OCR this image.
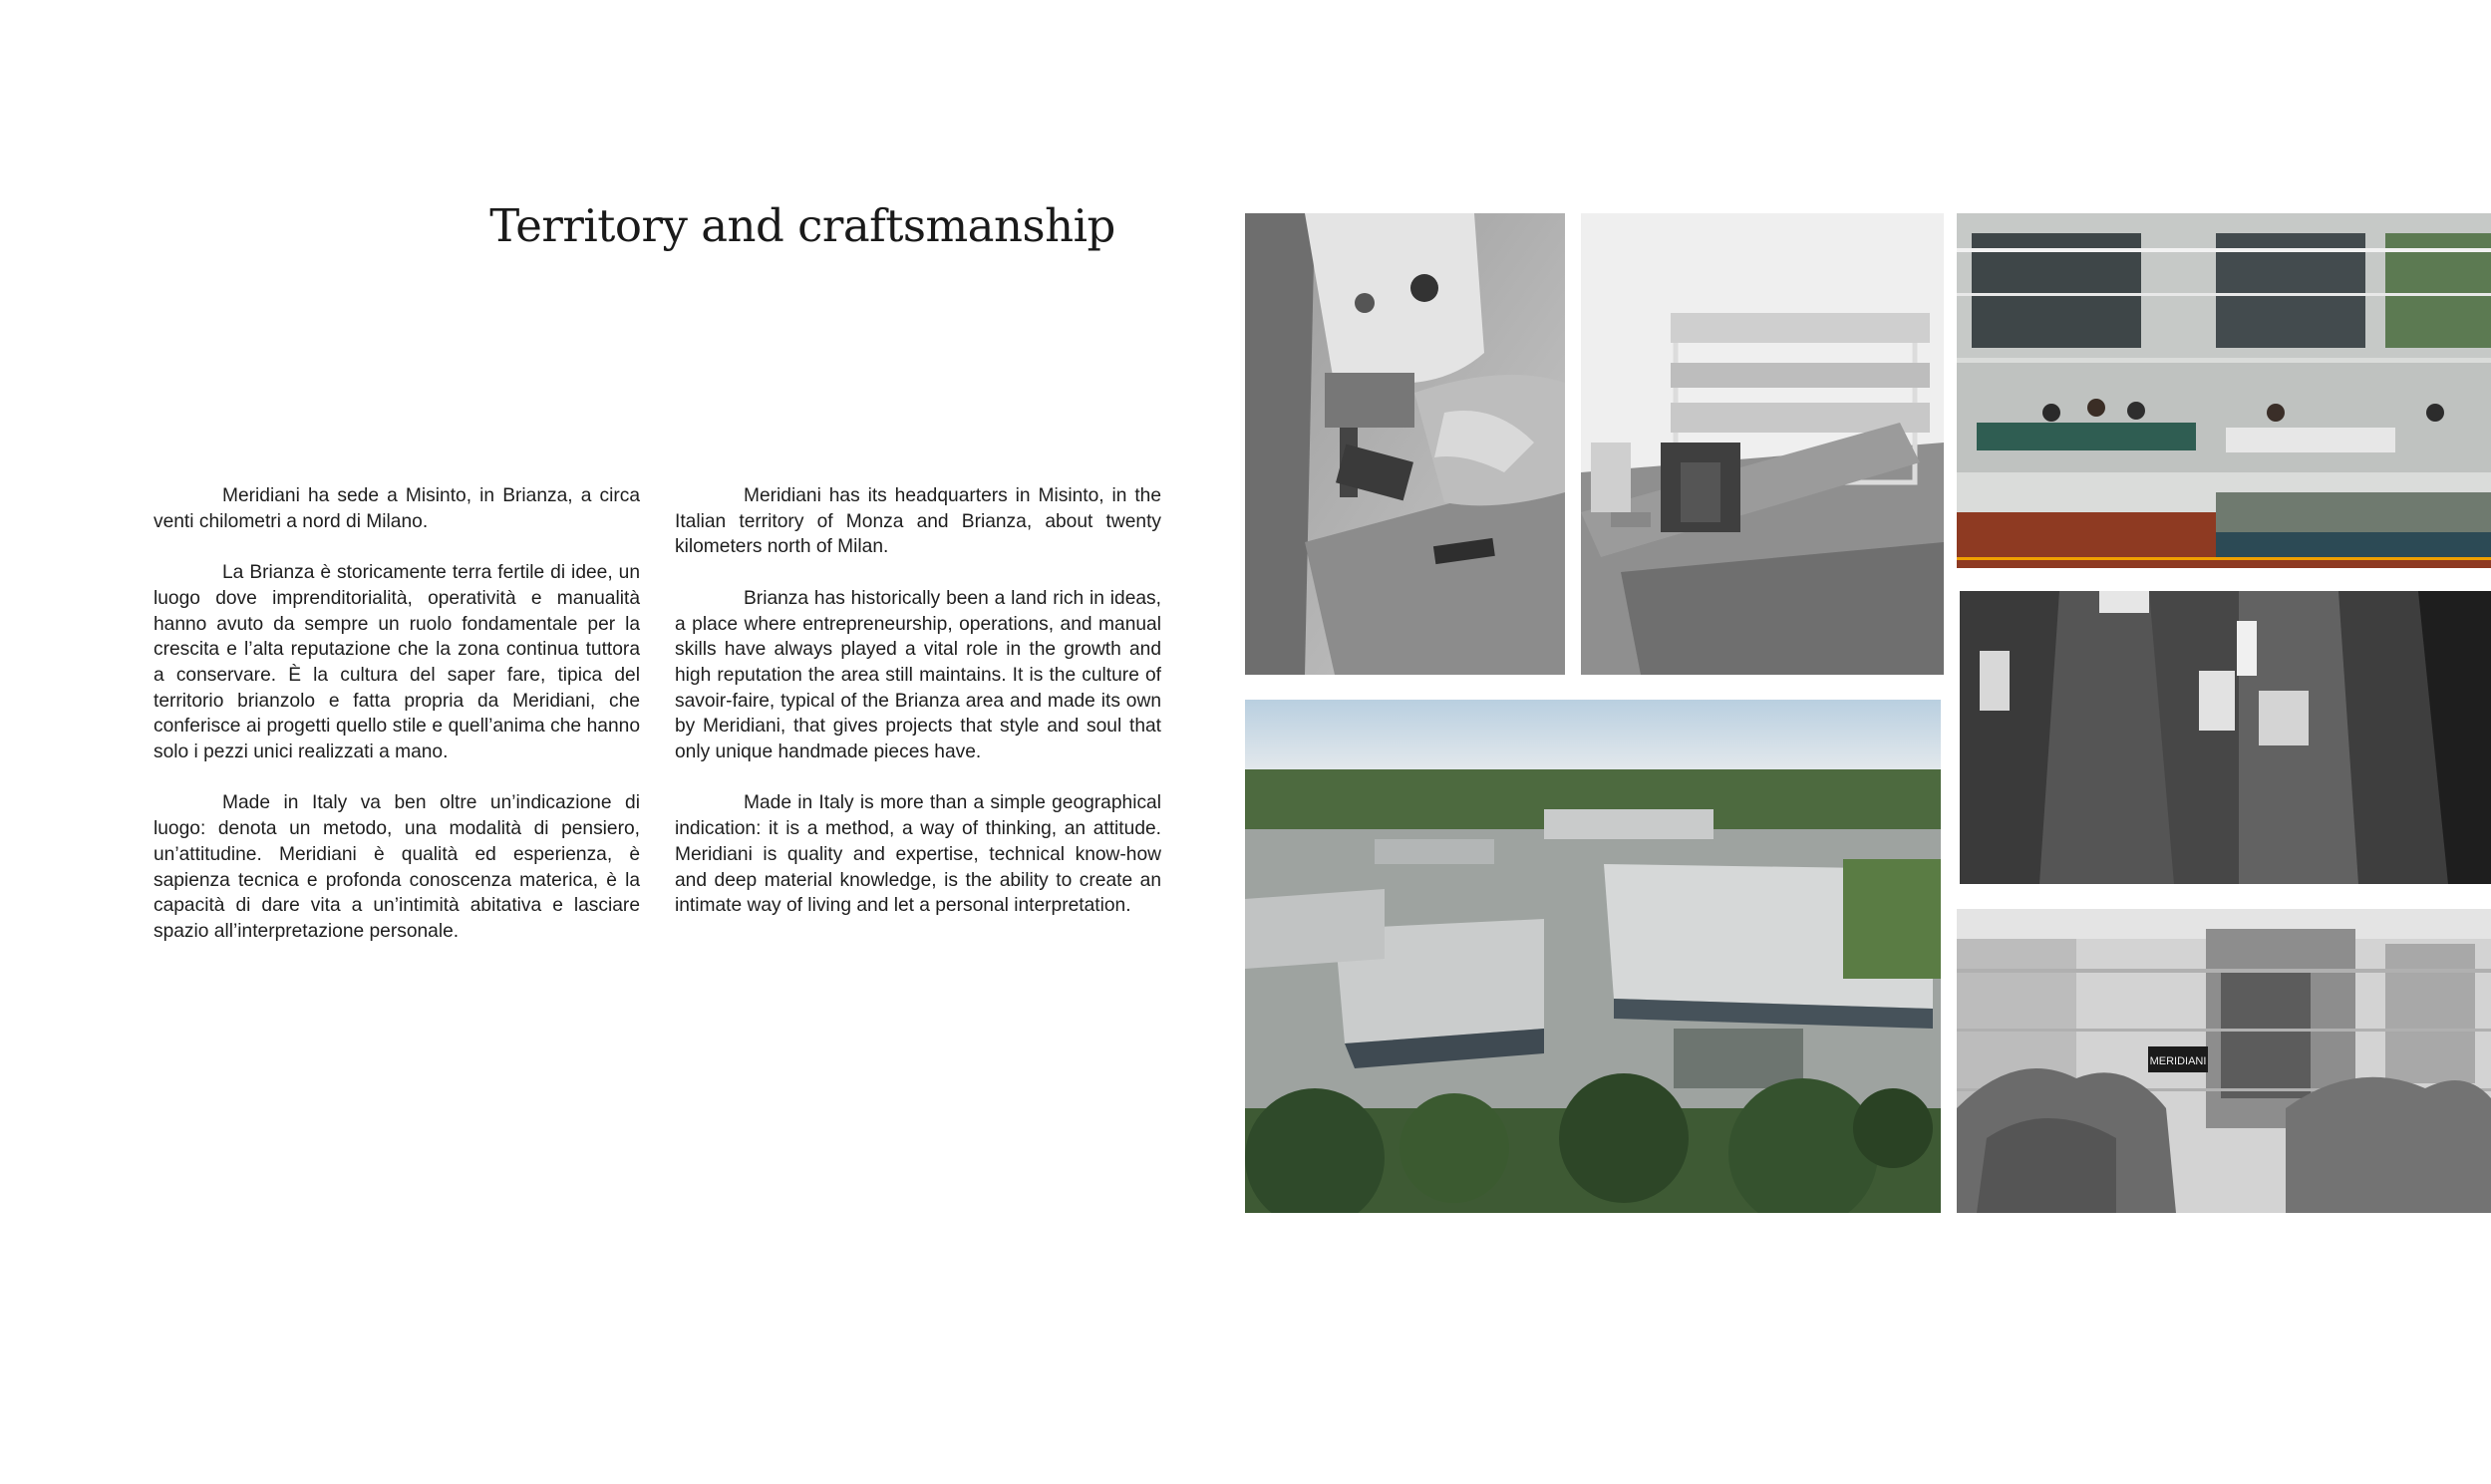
Territory and craftsmanship

Meridiani ha sede a Misinto, in Brianza, a circa venti chilometri a nord di Milano.

La Brianza è storicamente terra fertile di idee, un luogo dove imprenditorialità, operatività e manualità hanno avuto da sempre un ruolo fondamentale per la crescita e l’alta reputazione che la zona continua tuttora a conservare. È la cultura del saper fare, tipica del territorio brianzolo e fatta propria da Meridiani, che conferisce ai progetti quello stile e quell’anima che hanno solo i pezzi unici realizzati a mano.

Made in Italy va ben oltre un’indicazione di luogo: denota un metodo, una modalità di pensiero, un’attitudine. Meridiani è qualità ed esperienza, è sapienza tecnica e profonda conoscenza materica, è la capacità di dare vita a un’intimità abitativa e lasciare spazio all’interpretazione personale.

Meridiani has its headquarters in Misinto, in the Italian territory of Monza and Brianza, about twenty kilometers north of Milan.

Brianza has historically been a land rich in ideas, a place where entrepreneurship, operations, and manual skills have always played a vital role in the growth and high reputation the area still maintains. It is the culture of savoir-faire, typical of the Brianza area and made its own by Meridiani, that gives projects that style and soul that only unique handmade pieces have.

Made in Italy is more than a simple geographical indication: it is a method, a way of thinking, an attitude. Meridiani is quality and expertise, technical know-how and deep material knowledge, is the ability to create an intimate way of living and let a personal interpretation.

MERIDIANI
